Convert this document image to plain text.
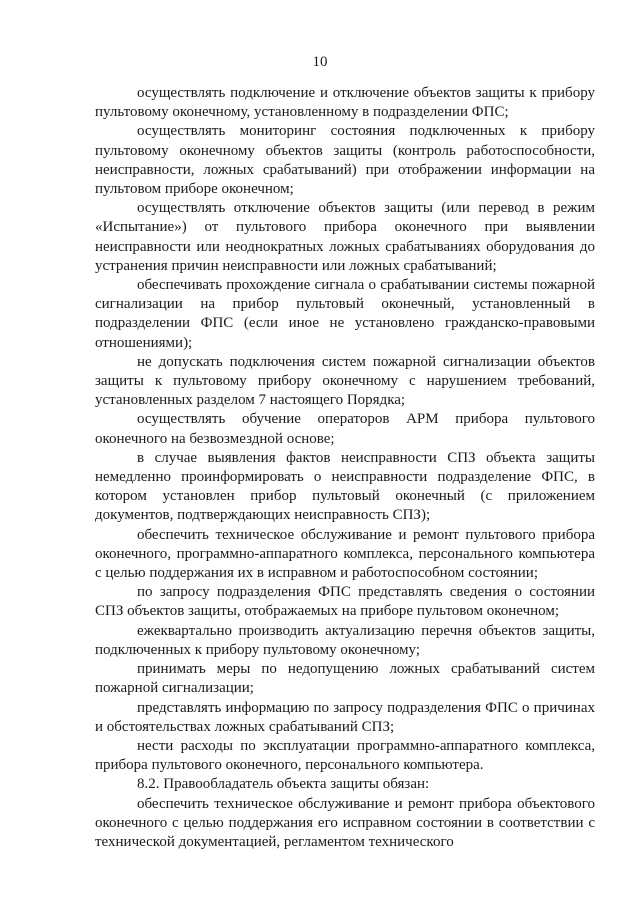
10

осуществлять подключение и отключение объектов защиты к прибору пультовому оконечному, установленному в подразделении ФПС;

осуществлять мониторинг состояния подключенных к прибору пультовому оконечному объектов защиты (контроль работоспособности, неисправности, ложных срабатываний) при отображении информации на пультовом приборе оконечном;

осуществлять отключение объектов защиты (или перевод в режим «Испытание») от пультового прибора оконечного при выявлении неисправности или неоднократных ложных срабатываниях оборудования до устранения причин неисправности или ложных срабатываний;

обеспечивать прохождение сигнала о срабатывании системы пожарной сигнализации на прибор пультовый оконечный, установленный в подразделении ФПС (если иное не установлено гражданско-правовыми отношениями);

не допускать подключения систем пожарной сигнализации объектов защиты к пультовому прибору оконечному с нарушением требований, установленных разделом 7 настоящего Порядка;

осуществлять обучение операторов АРМ прибора пультового оконечного на безвозмездной основе;

в случае выявления фактов неисправности СПЗ объекта защиты немедленно проинформировать о неисправности подразделение ФПС, в котором установлен прибор пультовый оконечный (с приложением документов, подтверждающих неисправность СПЗ);

обеспечить техническое обслуживание и ремонт пультового прибора оконечного, программно-аппаратного комплекса, персонального компьютера с целью поддержания их в исправном и работоспособном состоянии;

по запросу подразделения ФПС представлять сведения о состоянии СПЗ объектов защиты, отображаемых на приборе пультовом оконечном;

ежеквартально производить актуализацию перечня объектов защиты, подключенных к прибору пультовому оконечному;

принимать меры по недопущению ложных срабатываний систем пожарной сигнализации;

представлять информацию по запросу подразделения ФПС о причинах и обстоятельствах ложных срабатываний СПЗ;

нести расходы по эксплуатации программно-аппаратного комплекса, прибора пультового оконечного, персонального компьютера.

8.2. Правообладатель объекта защиты обязан:

обеспечить техническое обслуживание и ремонт прибора объектового оконечного с целью поддержания его исправном состоянии в соответствии с технической документацией, регламентом технического
